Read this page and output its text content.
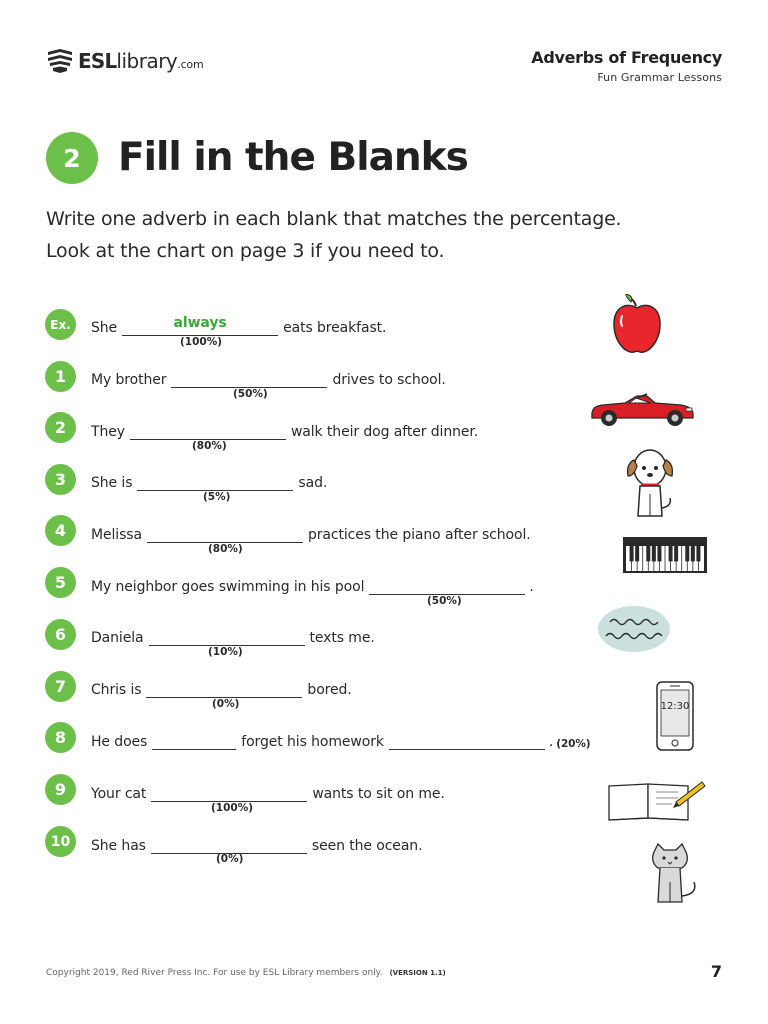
ESLlibrary.com	Adverbs of Frequency
Fun Grammar Lessons
2 Fill in the Blanks
Write one adverb in each blank that matches the percentage.
Look at the chart on page 3 if you need to.
Ex.	She	always	eats breakfast.
(100%)
1	My brother	drives to school.
(50%)
2	They	walk their dog after dinner.
(80%)
3	She is	sad.
(5%)
4	Melissa	practices the piano after school.
(80%)
5	My neighbor goes swimming in his pool	.
(50%)
6	Daniela	texts me.
(10%)
7	Chris is	bored.
(0%)
8	He does	forget his homework	. (20%)
9	Your cat	wants to sit on me.
(100%)
10	She has	seen the ocean.
(0%)
12:30
Copyright 2019, Red River Press Inc. For use by ESL Library members only. (VERSION 1.1)	7
